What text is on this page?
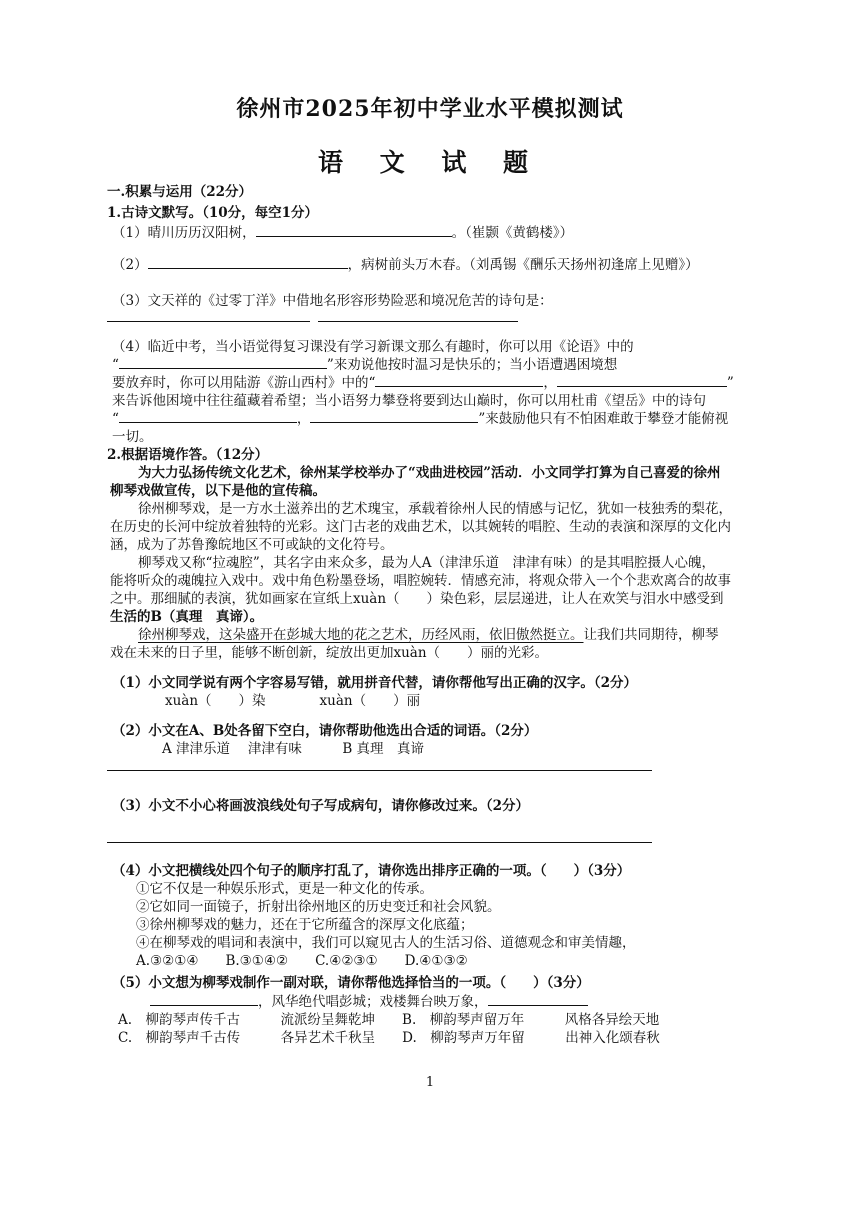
徐州市2025年初中学业水平模拟测试
语 文 试 题
一.积累与运用（22分）
1.古诗文默写。（10分，每空1分）
（1）晴川历历汉阳树，	。（崔颢《黄鹤楼》）
（2）	，病树前头万木春。（刘禹锡《酬乐天扬州初逢席上见赠》）
（3）文天祥的《过零丁洋》中借地名形容形势险恶和境况危苦的诗句是：
（4）临近中考，当小语觉得复习课没有学习新课文那么有趣时，你可以用《论语》中的
“	”来劝说他按时温习是快乐的；当小语遭遇困境想
要放弃时，你可以用陆游《游山西村》中的“	，	”
来告诉他困境中往往蕴藏着希望；当小语努力攀登将要到达山巅时，你可以用杜甫《望岳》中的诗句
“	，	”来鼓励他只有不怕困难敢于攀登才能俯视
一切。
2.根据语境作答。（12分）
为大力弘扬传统文化艺术，徐州某学校举办了“戏曲进校园”活动．小文同学打算为自己喜爱的徐州
柳琴戏做宣传，以下是他的宣传稿。
徐州柳琴戏，是一方水土滋养出的艺术瑰宝，承载着徐州人民的情感与记忆，犹如一枝独秀的梨花，
在历史的长河中绽放着独特的光彩。这门古老的戏曲艺术，以其婉转的唱腔、生动的表演和深厚的文化内
涵，成为了苏鲁豫皖地区不可或缺的文化符号。
柳琴戏又称“拉魂腔”，其名字由来众多，最为人A（津津乐道　津津有味）的是其唱腔摄人心魄，
能将听众的魂魄拉入戏中。戏中角色粉墨登场，唱腔婉转．情感充沛，将观众带入一个个悲欢离合的故事
之中。那细腻的表演，犹如画家在宣纸上xuàn（　　）染色彩，层层递进，让人在欢笑与泪水中感受到
生活的B（真理　真谛）。
徐州柳琴戏，这朵盛开在彭城大地的花之艺术，历经风雨，依旧傲然挺立。让我们共同期待，柳琴
戏在未来的日子里，能够不断创新，绽放出更加xuàn（　　）丽的光彩。
（1）小文同学说有两个字容易写错，就用拼音代替，请你帮他写出正确的汉字。（2分）
xuàn（　　）染　　　　xuàn（　　）丽
（2）小文在A、B处各留下空白，请你帮助他选出合适的词语。（2分）
A 津津乐道　 津津有味　　　B 真理　真谛
（3）小文不小心将画波浪线处句子写成病句，请你修改过来。（2分）
（4）小文把横线处四个句子的顺序打乱了，请你选出排序正确的一项。（　　）（3分）
①它不仅是一种娱乐形式，更是一种文化的传承。
②它如同一面镜子，折射出徐州地区的历史变迁和社会风貌。
③徐州柳琴戏的魅力，还在于它所蕴含的深厚文化底蕴；
④在柳琴戏的唱词和表演中，我们可以窥见古人的生活习俗、道德观念和审美情趣，
A.③②①④　　B.③①④②　　C.④②③①　　D.④①③②
（5）小文想为柳琴戏制作一副对联，请你帮他选择恰当的一项。（　　）（3分）
，风华绝代唱彭城；戏楼舞台映万象，
A.　柳韵琴声传千古　　　流派纷呈舞乾坤　　B.　柳韵琴声留万年　　　风格各异绘天地
C.　柳韵琴声千古传　　　各异艺术千秋呈　　D.　柳韵琴声万年留　　　出神入化颂春秋
1
